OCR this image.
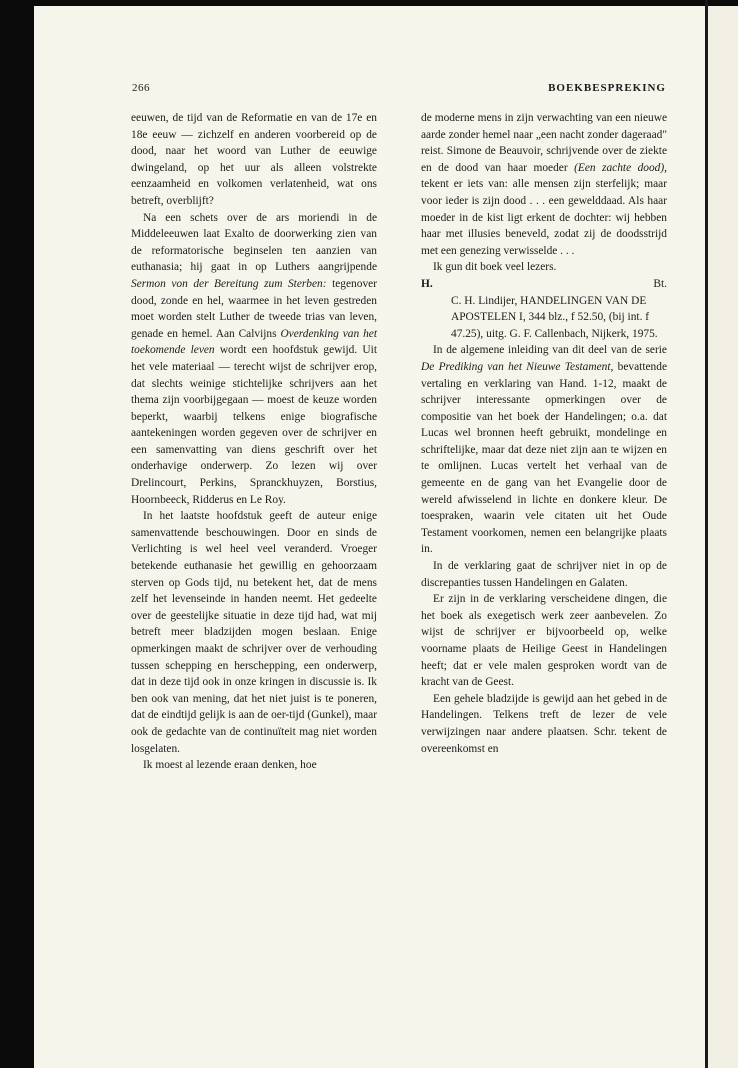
266	BOEKBESPREKING

eeuwen, de tijd van de Reformatie en van de 17e en 18e eeuw — zichzelf en anderen voorbereid op de dood, naar het woord van Luther de eeuwige dwingeland, op het uur als alleen volstrekte eenzaamheid en volkomen verlatenheid, wat ons betreft, overblijft?

Na een schets over de ars moriendi in de Middeleeuwen laat Exalto de doorwerking zien van de reformatorische beginselen ten aanzien van euthanasia; hij gaat in op Luthers aangrijpende Sermon von der Bereitung zum Sterben: tegenover dood, zonde en hel, waarmee in het leven gestreden moet worden stelt Luther de tweede trias van leven, genade en hemel. Aan Calvijns Overdenking van het toekomende leven wordt een hoofdstuk gewijd. Uit het vele materiaal — terecht wijst de schrijver erop, dat slechts weinige stichtelijke schrijvers aan het thema zijn voorbijgegaan — moest de keuze worden beperkt, waarbij telkens enige biografische aantekeningen worden gegeven over de schrijver en een samenvatting van diens geschrift over het onderhavige onderwerp. Zo lezen wij over Drelincourt, Perkins, Spranckhuyzen, Borstius, Hoornbeeck, Ridderus en Le Roy.

In het laatste hoofdstuk geeft de auteur enige samenvattende beschouwingen. Door en sinds de Verlichting is wel heel veel veranderd. Vroeger betekende euthanasie het gewillig en gehoorzaam sterven op Gods tijd, nu betekent het, dat de mens zelf het levenseinde in handen neemt. Het gedeelte over de geestelijke situatie in deze tijd had, wat mij betreft meer bladzijden mogen beslaan. Enige opmerkingen maakt de schrijver over de verhouding tussen schepping en herschepping, een onderwerp, dat in deze tijd ook in onze kringen in discussie is. Ik ben ook van mening, dat het niet juist is te poneren, dat de eindtijd gelijk is aan de oer-tijd (Gunkel), maar ook de gedachte van de continuïteit mag niet worden losgelaten.

Ik moest al lezende eraan denken, hoe

de moderne mens in zijn verwachting van een nieuwe aarde zonder hemel naar „een nacht zonder dageraad" reist. Simone de Beauvoir, schrijvende over de ziekte en de dood van haar moeder (Een zachte dood), tekent er iets van: alle mensen zijn sterfelijk; maar voor ieder is zijn dood . . . een gewelddaad. Als haar moeder in de kist ligt erkent de dochter: wij hebben haar met illusies beneveld, zodat zij de doodsstrijd met een genezing verwisselde . . .

Ik gun dit boek veel lezers.

H.	Bt.

C. H. Lindijer, HANDELINGEN VAN DE APOSTELEN I, 344 blz., f 52.50, (bij int. f 47.25), uitg. G. F. Callenbach, Nijkerk, 1975.

In de algemene inleiding van dit deel van de serie De Prediking van het Nieuwe Testament, bevattende vertaling en verklaring van Hand. 1-12, maakt de schrijver interessante opmerkingen over de compositie van het boek der Handelingen; o.a. dat Lucas wel bronnen heeft gebruikt, mondelinge en schriftelijke, maar dat deze niet zijn aan te wijzen en te omlijnen. Lucas vertelt het verhaal van de gemeente en de gang van het Evangelie door de wereld afwisselend in lichte en donkere kleur. De toespraken, waarin vele citaten uit het Oude Testament voorkomen, nemen een belangrijke plaats in.

In de verklaring gaat de schrijver niet in op de discrepanties tussen Handelingen en Galaten.

Er zijn in de verklaring verscheidene dingen, die het boek als exegetisch werk zeer aanbevelen. Zo wijst de schrijver er bijvoorbeeld op, welke voorname plaats de Heilige Geest in Handelingen heeft; dat er vele malen gesproken wordt van de kracht van de Geest.

Een gehele bladzijde is gewijd aan het gebed in de Handelingen. Telkens treft de lezer de vele verwijzingen naar andere plaatsen. Schr. tekent de overeenkomst en
